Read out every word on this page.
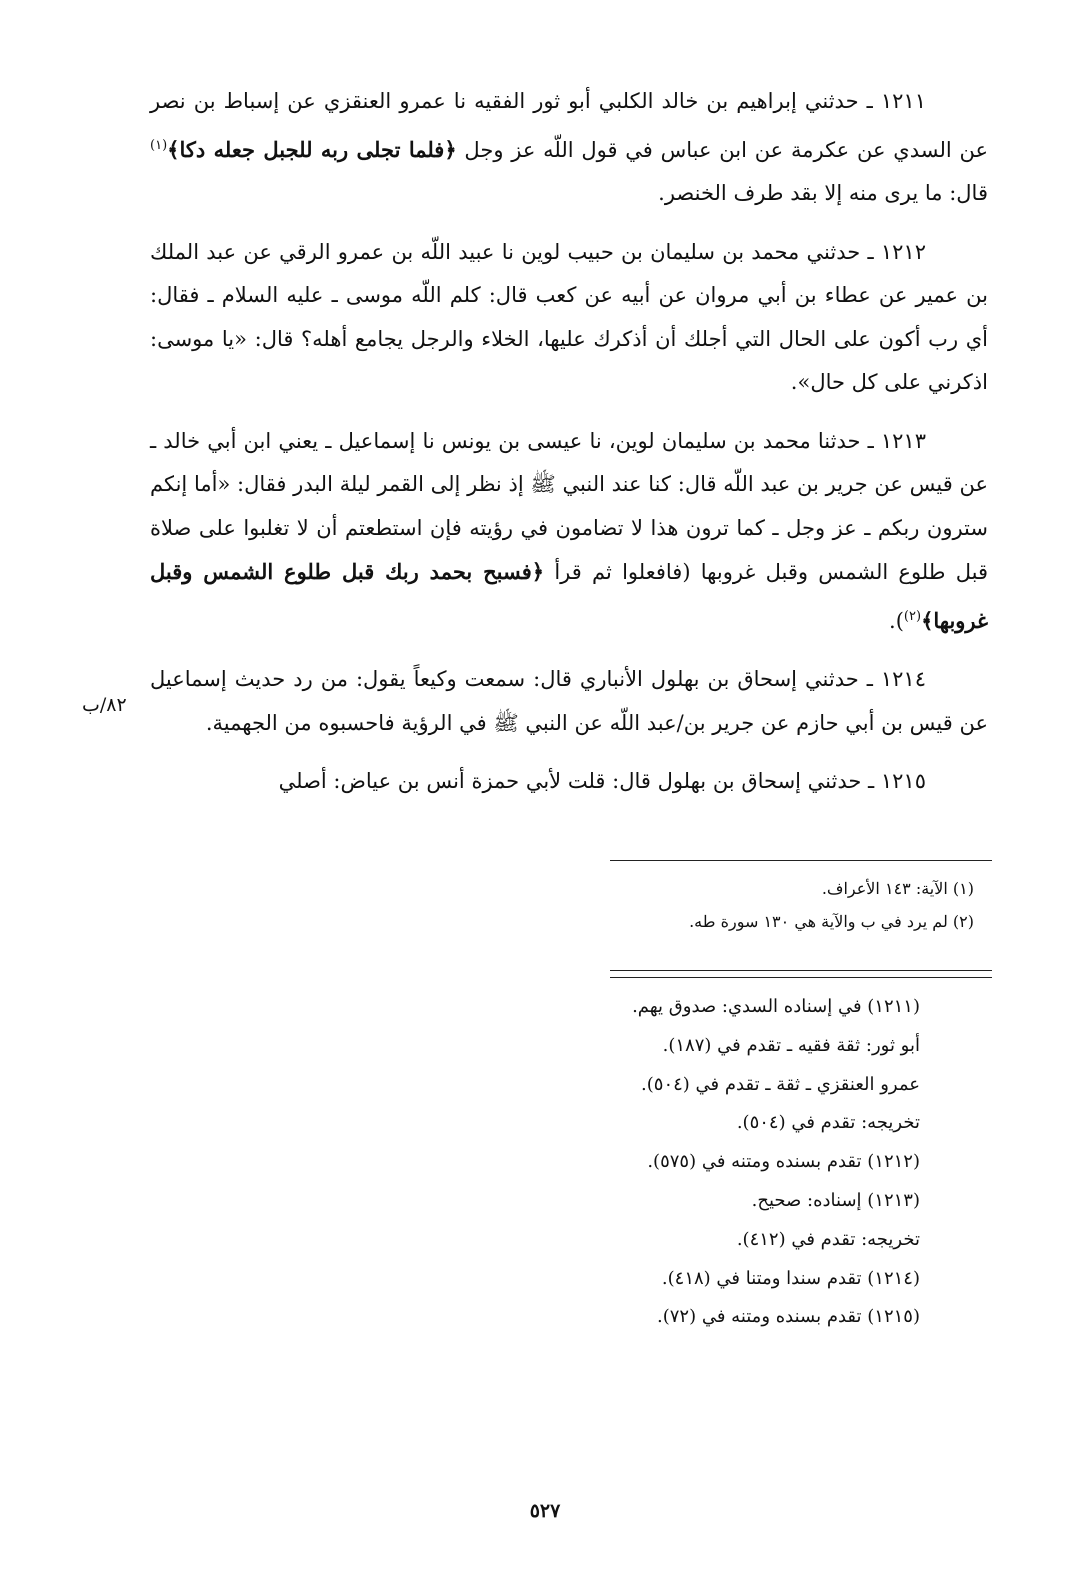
١٢١١ ـ حدثني إبراهيم بن خالد الكلبي أبو ثور الفقيه نا عمرو العنقزي عن إسباط بن نصر عن السدي عن عكرمة عن ابن عباس في قول اللّه عز وجل ﴿فلما تجلى ربه للجبل جعله دكا﴾$^{(١)}$ قال: ما يرى منه إلا بقد طرف الخنصر.

١٢١٢ ـ حدثني محمد بن سليمان بن حبيب لوين نا عبيد اللّه بن عمرو الرقي عن عبد الملك بن عمير عن عطاء بن أبي مروان عن أبيه عن كعب قال: كلم اللّه موسى ـ عليه السلام ـ فقال: أي رب أكون على الحال التي أجلك أن أذكرك عليها، الخلاء والرجل يجامع أهله؟ قال: «يا موسى: اذكرني على كل حال».

١٢١٣ ـ حدثنا محمد بن سليمان لوين، نا عيسى بن يونس نا إسماعيل ـ يعني ابن أبي خالد ـ عن قيس عن جرير بن عبد اللّه قال: كنا عند النبي ﷺ إذ نظر إلى القمر ليلة البدر فقال: «أما إنكم سترون ربكم ـ عز وجل ـ كما ترون هذا لا تضامون في رؤيته فإن استطعتم أن لا تغلبوا على صلاة قبل طلوع الشمس وقبل غروبها (فافعلوا ثم قرأ ﴿فسبح بحمد ربك قبل طلوع الشمس وقبل غروبها﴾$^{(٢)}$).

١٢١٤ ـ حدثني إسحاق بن بهلول الأنباري قال: سمعت وكيعاً يقول: من رد حديث إسماعيل عن قيس بن أبي حازم عن جرير بن/عبد اللّه عن النبي ﷺ في الرؤية فاحسبوه من الجهمية.

١٢١٥ ـ حدثني إسحاق بن بهلول قال: قلت لأبي حمزة أنس بن عياض: أصلي

٨٢/ب
(١) الآية: ١٤٣ الأعراف.
(٢) لم يرد في ب والآية هي ١٣٠ سورة طه.
(١٢١١) في إسناده السدي: صدوق يهم.
أبو ثور: ثقة فقيه ـ تقدم في (١٨٧).
عمرو العنقزي ـ ثقة ـ تقدم في (٥٠٤).
تخريجه: تقدم في (٥٠٤).
(١٢١٢) تقدم بسنده ومتنه في (٥٧٥).
(١٢١٣) إسناده: صحيح.
تخريجه: تقدم في (٤١٢).
(١٢١٤) تقدم سندا ومتنا في (٤١٨).
(١٢١٥) تقدم بسنده ومتنه في (٧٢).
٥٢٧
